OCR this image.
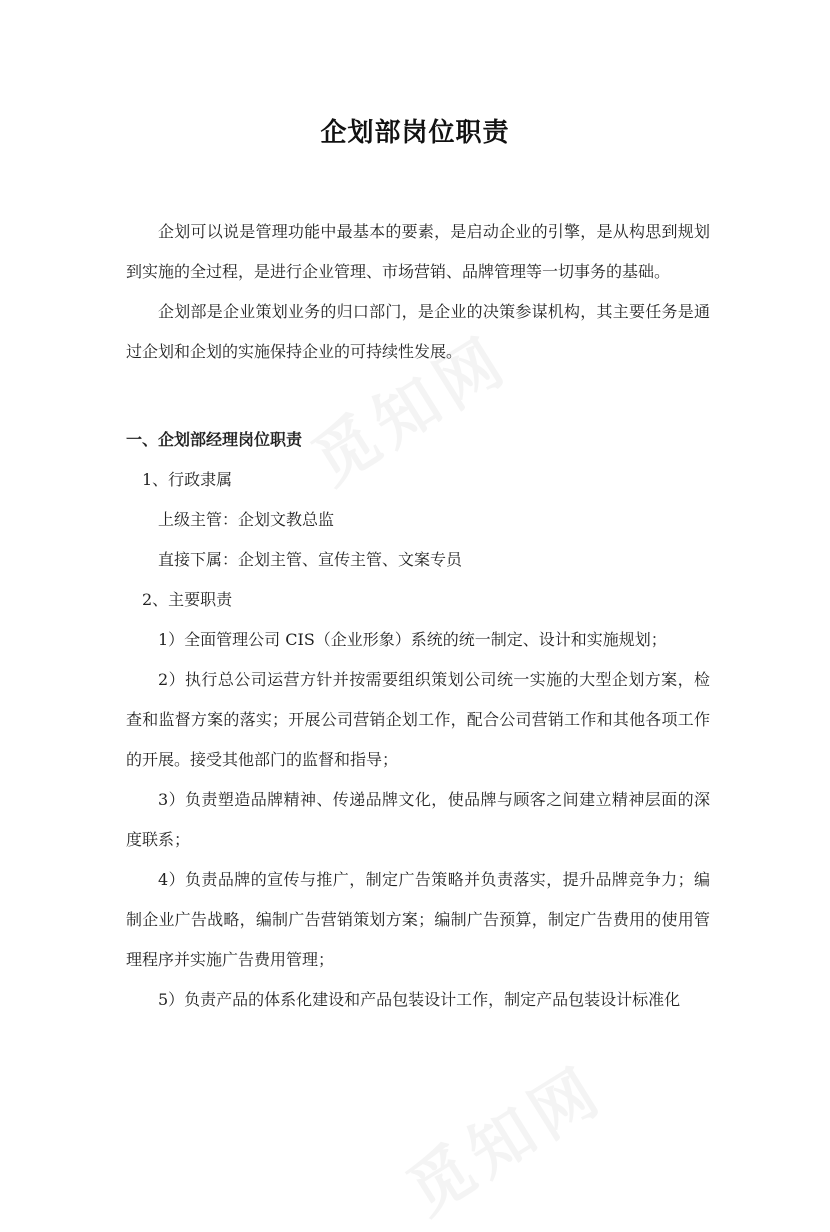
企划部岗位职责

企划可以说是管理功能中最基本的要素，是启动企业的引擎，是从构思到规划到实施的全过程，是进行企业管理、市场营销、品牌管理等一切事务的基础。

企划部是企业策划业务的归口部门，是企业的决策参谋机构，其主要任务是通过企划和企划的实施保持企业的可持续性发展。

一、企划部经理岗位职责

1、行政隶属

上级主管：企划文教总监

直接下属：企划主管、宣传主管、文案专员

2、主要职责

1）全面管理公司 CIS（企业形象）系统的统一制定、设计和实施规划；

2）执行总公司运营方针并按需要组织策划公司统一实施的大型企划方案，检查和监督方案的落实；开展公司营销企划工作，配合公司营销工作和其他各项工作的开展。接受其他部门的监督和指导；

3）负责塑造品牌精神、传递品牌文化，使品牌与顾客之间建立精神层面的深度联系；

4）负责品牌的宣传与推广，制定广告策略并负责落实，提升品牌竞争力；编制企业广告战略，编制广告营销策划方案；编制广告预算，制定广告费用的使用管理程序并实施广告费用管理；

5）负责产品的体系化建设和产品包装设计工作，制定产品包装设计标准化
